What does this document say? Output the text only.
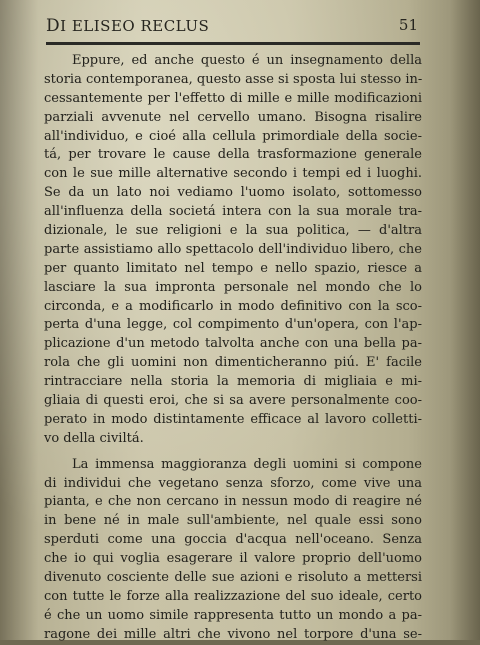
DI ELISEO RECLUS	51
Eppure, ed anche questo é un insegnamento della
storia contemporanea, questo asse si sposta lui stesso in-
cessantemente per l'effetto di mille e mille modificazioni
parziali avvenute nel cervello umano. Bisogna risalire
all'individuo, e cioé alla cellula primordiale della socie-
tá, per trovare le cause della trasformazione generale
con le sue mille alternative secondo i tempi ed i luoghi.
Se da un lato noi vediamo l'uomo isolato, sottomesso
all'influenza della societá intera con la sua morale tra-
dizionale, le sue religioni e la sua politica, — d'altra
parte assistiamo allo spettacolo dell'individuo libero, che
per quanto limitato nel tempo e nello spazio, riesce a
lasciare la sua impronta personale nel mondo che lo
circonda, e a modificarlo in modo definitivo con la sco-
perta d'una legge, col compimento d'un'opera, con l'ap-
plicazione d'un metodo talvolta anche con una bella pa-
rola che gli uomini non dimenticheranno piú. E' facile
rintracciare nella storia la memoria di migliaia e mi-
gliaia di questi eroi, che si sa avere personalmente coo-
perato in modo distintamente efficace al lavoro colletti-
vo della civiltá.
La immensa maggioranza degli uomini si compone
di individui che vegetano senza sforzo, come vive una
pianta, e che non cercano in nessun modo di reagire né
in bene né in male sull'ambiente, nel quale essi sono
sperduti come una goccia d'acqua nell'oceano. Senza
che io qui voglia esagerare il valore proprio dell'uomo
divenuto cosciente delle sue azioni e risoluto a mettersi
con tutte le forze alla realizzazione del suo ideale, certo
é che un uomo simile rappresenta tutto un mondo a pa-
ragone dei mille altri che vivono nel torpore d'una se-
